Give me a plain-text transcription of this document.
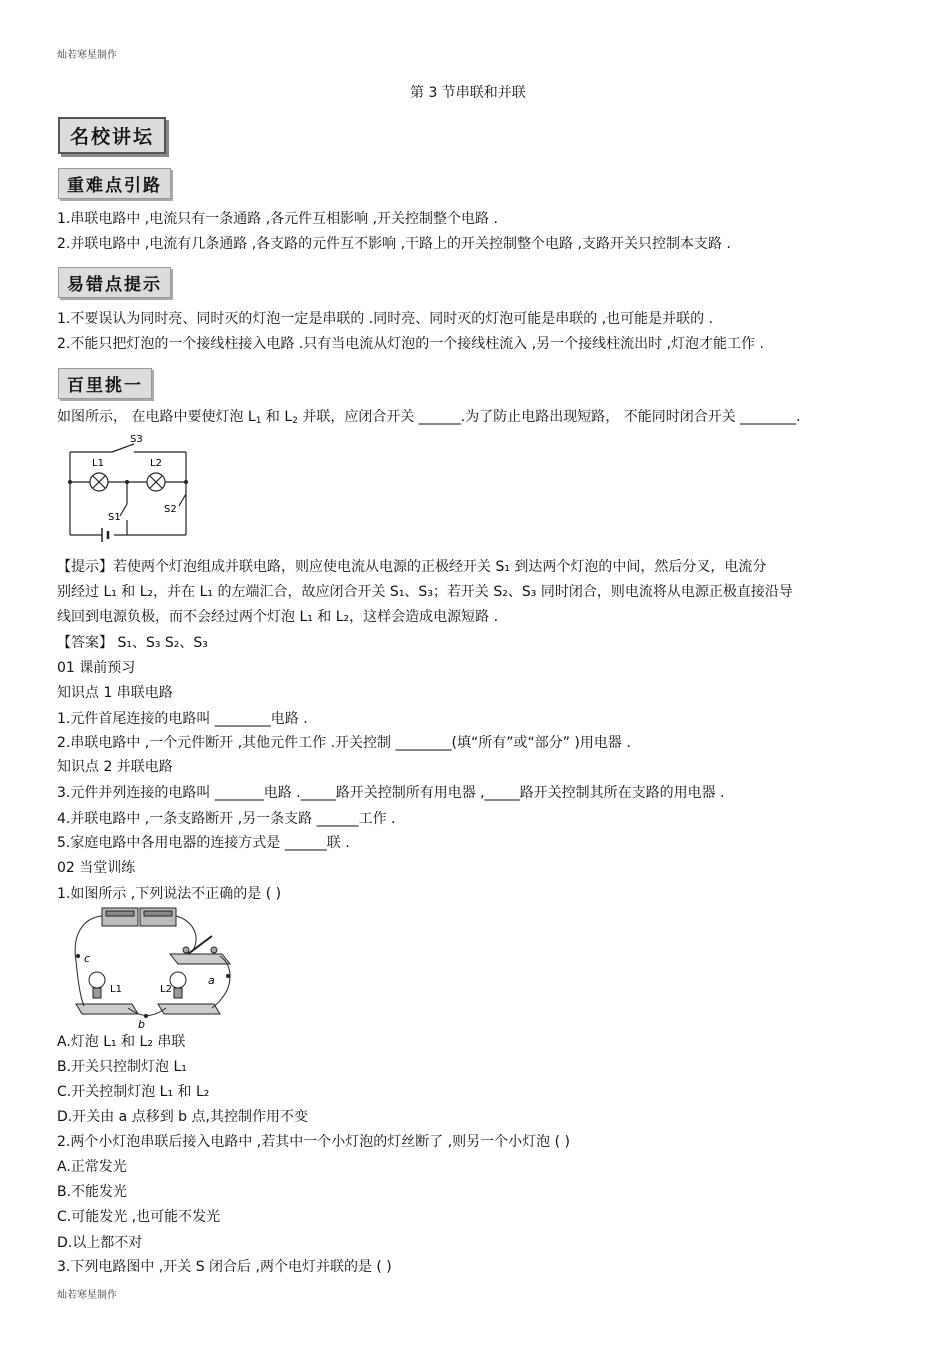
灿若寒星制作
第 3 节串联和并联
名校讲坛
重难点引路
1.串联电路中 ,电流只有一条通路 ,各元件互相影响 ,开关控制整个电路 .
2.并联电路中 ,电流有几条通路 ,各支路的元件互不影响 ,干路上的开关控制整个电路 ,支路开关只控制本支路 .
易错点提示
1.不要误认为同时亮、同时灭的灯泡一定是串联的 .同时亮、同时灭的灯泡可能是串联的 ,也可能是并联的 .
2.不能只把灯泡的一个接线柱接入电路 .只有当电流从灯泡的一个接线柱流入 ,另一个接线柱流出时 ,灯泡才能工作 .
百里挑一
如图所示， 在电路中要使灯泡 $L_1$ 和 $L_2$ 并联，应闭合开关 ______.为了防止电路出现短路， 不能同时闭合开关 ________.
S3
L1	L2
S1
S2
【提示】若使两个灯泡组成并联电路，则应使电流从电源的正极经开关 S₁ 到达两个灯泡的中间，然后分叉，电流分
别经过 L₁ 和 L₂，并在 L₁ 的左端汇合，故应闭合开关 S₁、S₃；若开关 S₂、S₃ 同时闭合，则电流将从电源正极直接沿导
线回到电源负极，而不会经过两个灯泡 L₁ 和 L₂，这样会造成电源短路 .
【答案】 S₁、S₃ S₂、S₃
01 课前预习
知识点 1 串联电路
1.元件首尾连接的电路叫 ________电路 .
2.串联电路中 ,一个元件断开 ,其他元件工作 .开关控制 ________(填“所有”或“部分” )用电器 .
知识点 2 并联电路
3.元件并列连接的电路叫 _______电路 ._____路开关控制所有用电器 ,_____路开关控制其所在支路的用电器 .
4.并联电路中 ,一条支路断开 ,另一条支路 ______工作 .
5.家庭电路中各用电器的连接方式是 ______联 .
02 当堂训练
1.如图所示 ,下列说法不正确的是 ( )
c
b
a
L1	L2
A.灯泡 L₁ 和 L₂ 串联
B.开关只控制灯泡 L₁
C.开关控制灯泡 L₁ 和 L₂
D.开关由 a 点移到 b 点,其控制作用不变
2.两个小灯泡串联后接入电路中 ,若其中一个小灯泡的灯丝断了 ,则另一个小灯泡 ( )
A.正常发光
B.不能发光
C.可能发光 ,也可能不发光
D.以上都不对
3.下列电路图中 ,开关 S 闭合后 ,两个电灯并联的是 ( )
灿若寒星制作
